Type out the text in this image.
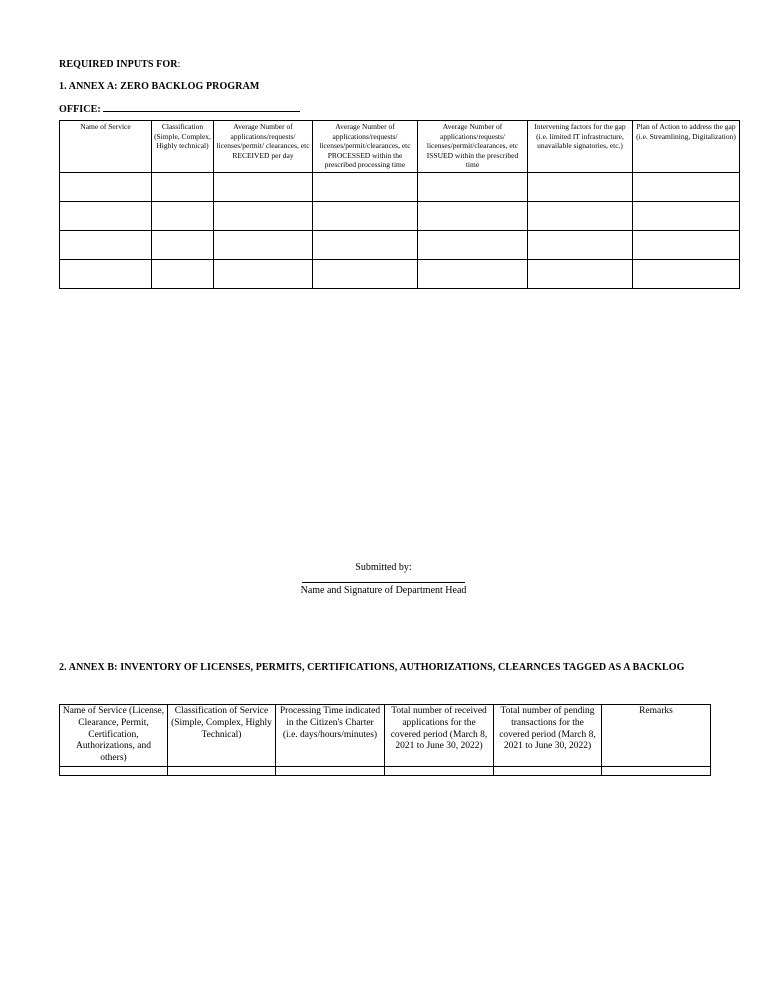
REQUIRED INPUTS FOR:
1. ANNEX A: ZERO BACKLOG PROGRAM
OFFICE:
Name of Service	Classification (Simple, Complex, Highly technical)	Average Number of applications/requests/ licenses/permit/ clearances, etc RECEIVED per day	Average Number of applications/requests/ licenses/permit/clearances, etc PROCESSED within the prescribed processing time	Average Number of applications/requests/ licenses/permit/clearances, etc ISSUED within the prescribed time	Intervening factors for the gap (i.e. limited IT infrastructure, unavailable signatories, etc.)	Plan of Action to address the gap (i.e. Streamlining, Digitalization)

Submitted by:
Name and Signature of Department Head
2. ANNEX B: INVENTORY OF LICENSES, PERMITS, CERTIFICATIONS, AUTHORIZATIONS, CLEARNCES TAGGED AS A BACKLOG
Name of Service (License, Clearance, Permit, Certification, Authorizations, and others)	Classification of Service (Simple, Complex, Highly Technical)	Processing Time indicated in the Citizen's Charter (i.e. days/hours/minutes)	Total number of received applications for the covered period (March 8, 2021 to June 30, 2022)	Total number of pending transactions for the covered period (March 8, 2021 to June 30, 2022)	Remarks
